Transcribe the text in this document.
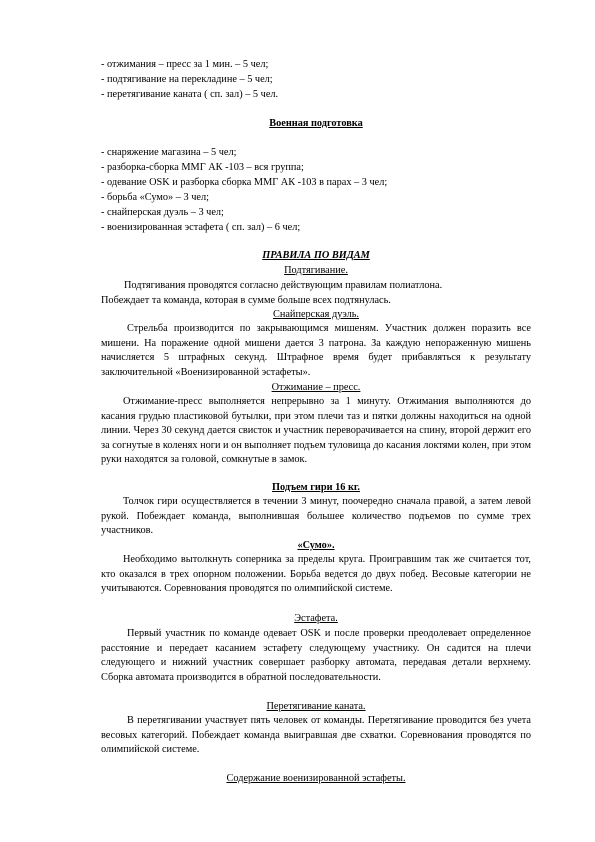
- отжимания – пресс за 1 мин. – 5 чел;
- подтягивание на перекладине – 5 чел;
- перетягивание каната ( сп. зал) – 5 чел.
Военная подготовка
- снаряжение магазина – 5 чел;
- разборка-сборка ММГ АК -103 – вся группа;
- одевание OSK и разборка сборка ММГ АК -103 в парах – 3 чел;
- борьба «Сумо» – 3 чел;
- снайперская дуэль – 3 чел;
- военизированная эстафета ( сп. зал) – 6 чел;
ПРАВИЛА ПО ВИДАМ
Подтягивание.
Подтягивания проводятся согласно действующим правилам полиатлона.
Побеждает та команда, которая в сумме больше всех подтянулась.
Снайперская дуэль.

Стрельба производится по закрывающимся мишеням. Участник должен поразить все мишени. На поражение одной мишени дается 3 патрона. За каждую непораженную мишень начисляется 5 штрафных секунд. Штрафное время будет прибавляться к результату заключительной «Военизированной эстафеты».

Отжимание – пресс.

Отжимание-пресс выполняется непрерывно за 1 минуту. Отжимания выполняются до касания грудью пластиковой бутылки, при этом плечи таз и пятки должны находиться на одной линии. Через 30 секунд дается свисток и участник переворачивается на спину, второй держит его за согнутые в коленях ноги и он выполняет подъем туловища до касания локтями колен, при этом руки находятся за головой, сомкнутые в замок.

Подъем гири 16 кг.

Толчок гири осуществляется в течении 3 минут, поочередно сначала правой, а затем левой рукой. Побеждает команда, выполнившая большее количество подъемов по сумме трех участников.

«Сумо».

Необходимо вытолкнуть соперника за пределы круга. Проигравшим так же считается тот, кто оказался в трех опорном положении. Борьба ведется до двух побед. Весовые категории не учитываются. Соревнования проводятся по олимпийской системе.

Эстафета.

Первый участник по команде одевает OSK и после проверки преодолевает определенное расстояние и передает касанием эстафету следующему участнику. Он садится на плечи следующего и нижний участник совершает разборку автомата, передавая детали верхнему. Сборка автомата производится в обратной последовательности.

Перетягивание каната.

В перетягивании участвует пять человек от команды. Перетягивание проводится без учета весовых категорий. Побеждает команда выигравшая две схватки. Соревнования проводятся по олимпийской системе.

Содержание военизированной эстафеты.
